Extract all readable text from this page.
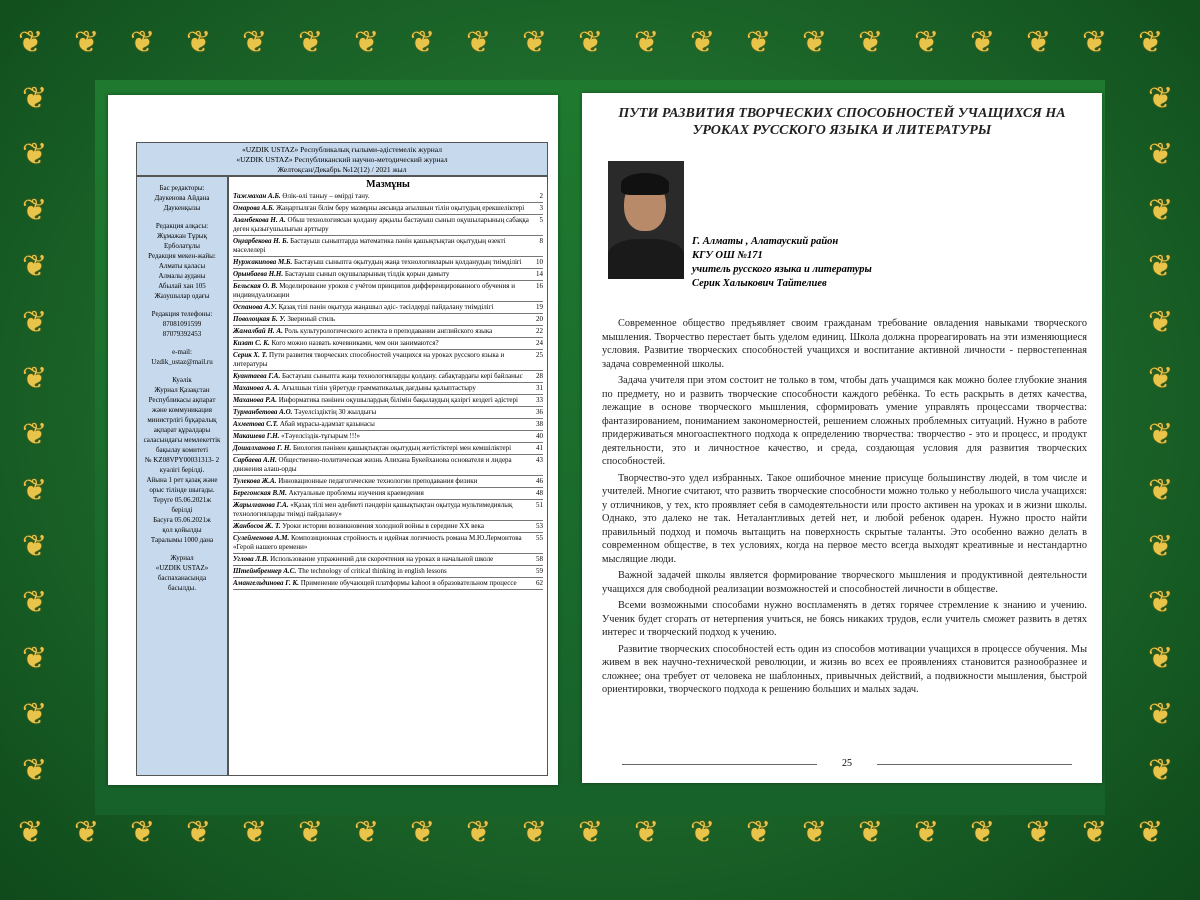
❦
❦
❦
❦
❦
❦
❦
❦
❦
❦
❦
❦
❦
❦
❦
❦
❦
❦
❦
❦
❦
❦
❦
❦
❦
❦
❦
❦
❦
❦
❦
❦
❦
❦
❦
❦
❦
❦
❦
❦
❦
❦
❦	❦
❦	❦
❦	❦
❦	❦
❦	❦
❦	❦
❦	❦
❦	❦
❦	❦
❦	❦
❦	❦
❦	❦
❦	❦
«UZDIK USTAZ» Республикалық ғылыми-әдістемелік журнал
«UZDIK USTAZ» Республиканский научно-методический журнал
Желтоқсан/Декабрь №12(12) / 2021 жыл
Бас редакторы:
Даукенова Айдана
Даукенқызы
Редакция алқасы:
Жұмажан Тұрық
Ерболатұлы
Редакция мекен-жайы:
Алматы қаласы
Алмалы ауданы
Абылай хан 105
Жазушылар одағы
Редакция телефоны:
87081091599
87079392453
e-mail:
Uzdik_ustaz@mail.ru
Куәлік
Журнал Қазақстан
Республикасы ақпарат
және коммуникация
министрлігі бұқаралық
ақпарат құралдары
саласындағы мемлекеттік
бақылау комитеті
№ KZ08VPY00031313- 2
куәлігі берілді.
Айына 1 рет қазақ және
орыс тілінде шығады.
Терүге 05.06.2021ж
берілді
Басуға 05.06.2021ж
қол қойылды
Таралымы 1000 дана
Журнал
«UZDIK USTAZ»
баспаханасында
басылды.
Мазмұны
Тажмахан А.Б. Өлік-өлі таныу – өмірді тану.	2
Омарова А.Б. Жаңартылған білім беру мазмұны аясында ағылшын тілін оқытудың ерекшеліктері	3
Азамбекова Н. А. Обьш технологиясын қолдану арқылы бастауыш сынып оқушыларының сабаққа деген қызығушылығын арттыру
5
Оңғарбекова Н. Б. Бастауыш сыныптарда математика пәнін қашықтықтан оқытудың өзекті мәселелері
8
Нуржакипова М.Б. Бастауыш сыныпта оқытудың жаңа технологияларын қолданудың тиімділігі	10
Орынбаева Н.Н. Бастауыш сынып оқушыларының тілдік қорын дамыту	14
Бельская О. В. Моделирование уроков с учётом принципов дифференцированного обучения и индивидуализации
16
Оспанова А.У. Қазақ тілі пәнін оқытуда жаңашыл әдіс- тәсілдерді пайдалану тиімділігі	19
Поволоцкая Б. У. Звериный стиль	20
Жамалбай Н. А. Роль культурологического аспекта в преподавании английского языка	22
Кизат С. К. Кого можно назвать кочевниками, чем они занимаются?	24
Серик Х. Т. Пути развития творческих способностей учащихся на уроках русского языка и литературы
25
Куантаева Г.А. Бастауыш сыныпта жаңа технологияларды қолдану. сабақтардағы кері байланыс	28
Маханова А. А. Ағылшын тілін үйретуде грамматикалық дағдыны қалыптастыру	31
Маханова Р.А. Информатика пәнінен оқушылардың білімін бақылаудың қазіргі кездегі әдістері	33
Турманбетова А.О. Тәуелсіздіктің 30 жылдығы	36
Ахметова С.Т. Абай мұрасы-адамзат қазынасы	38
Макашева Г.Н. «Тәуелсіздік-тұғырым !!!»	40
Дошалханова Г. Н. Биология пәнінен қашықтықтан оқытудың жетістіктері мен кемшіліктері	41
Сарбаева А.Н. Общественно-политическая жизнь Алихана Букейханова основателя и лидера движения алаш-орды
43
Тулекова Ж.А. Инновационные педагогические технологии преподавания физики	46
Берегонская В.М. Актуальные проблемы изучения краеведения	48
Жарылғанова Г.А. «Қазақ тілі мен әдебиеті пәндерін қашықтықтан оқытуда мультимедиялық технологияларды тиімді пайдалану»
51
Жанбосов Ж. Т. Уроки истории возникновения холодной войны в середине XX века	53
Сулейменова А.М. Композиционная стройность и идейная логичность романа М.Ю.Лермонтова «Герой нашего времени»
55
Углова Л.В. Использование упражнений для скорочтения на уроках в начальной школе	58
Штейнбреннер А.С. The technology of critical thinking in english lessons	59
Амангельдинова Г. К. Применение обучающей платформы kahoot в образовательном процессе	62
ПУТИ РАЗВИТИЯ ТВОРЧЕСКИХ СПОСОБНОСТЕЙ УЧАЩИХСЯ НА УРОКАХ РУССКОГО ЯЗЫКА И ЛИТЕРАТУРЫ
Г. Алматы , Алатауский район
КГУ ОШ №171
учитель русского языка и литературы
Серик Халыкович Тайтелиев

Современное общество предъявляет своим гражданам требование овладения навыками творческого мышления. Творчество перестает быть уделом единиц. Школа должна прореагировать на эти изменяющиеся условия. Развитие творческих способностей учащихся и воспитание активной личности - первостепенная задача современной школы.

Задача учителя при этом состоит не только в том, чтобы дать учащимся как можно более глубокие знания по предмету, но и развить творческие способности каждого ребёнка. То есть раскрыть в детях качества, лежащие в основе творческого мышления, сформировать умение управлять процессами творчества: фантазированием, пониманием закономерностей, решением сложных проблемных ситуаций. Нужно в работе придерживаться многоаспектного подхода к определению творчества: творчество - это и процесс, и продукт деятельности, это и личностное качество, и среда, создающая условия для развития творческих способностей.

Творчество-это удел избранных. Такое ошибочное мнение присуще большинству людей, в том числе и учителей. Многие считают, что развить творческие способности можно только у небольшого числа учащихся: у отличников, у тех, кто проявляет себя в самодеятельности или просто активен на уроках и в жизни школы. Однако, это далеко не так. Неталантливых детей нет, и любой ребенок одарен. Нужно просто найти правильный подход и помочь вытащить на поверхность скрытые таланты. Это особенно важно делать в современном обществе, в тех условиях, когда на первое место всегда выходят креативные и нестандартно мыслящие люди.

Важной задачей школы является формирование творческого мышления и продуктивной деятельности учащихся для свободной реализации возможностей и способностей личности в обществе.

Всеми возможными способами нужно воспламенять в детях горячее стремление к знанию и учению. Ученик будет сгорать от нетерпения учиться, не боясь никаких трудов, если учитель сможет развить в детях интерес и творческий подход к учению.

Развитие творческих способностей есть один из способов мотивации учащихся в процессе обучения. Мы живем в век научно-технической революции, и жизнь во всех ее проявлениях становится разнообразнее и сложнее; она требует от человека не шаблонных, привычных действий, а подвижности мышления, быстрой ориентировки, творческого подхода к решению больших и малых задач.

25
